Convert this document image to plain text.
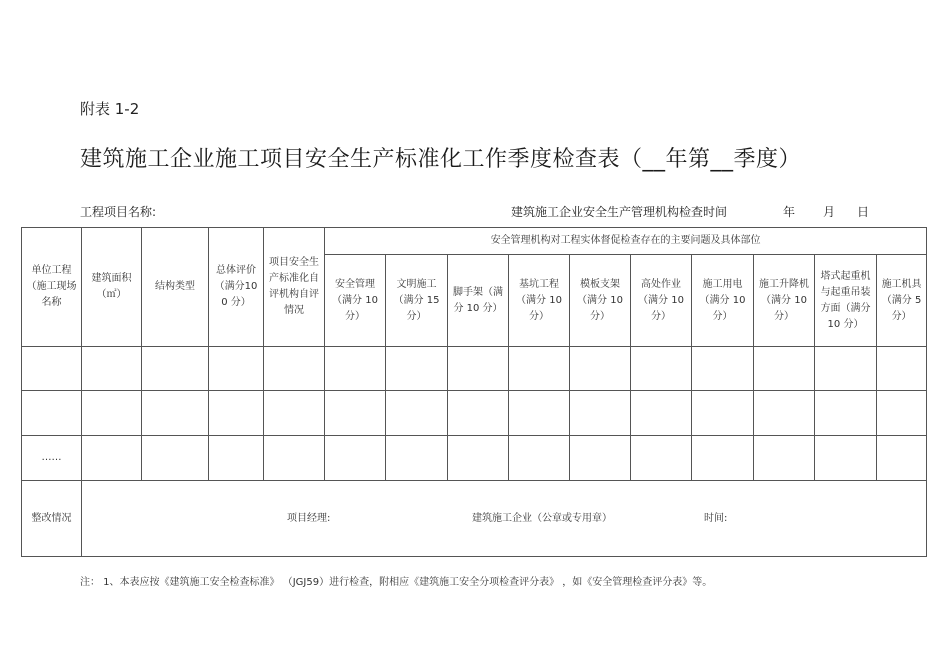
附表 1-2
建筑施工企业施工项目安全生产标准化工作季度检查表（__年第__季度）
工程项目名称:	建筑施工企业安全生产管理机构检查时间	年 月 日
单位工程（施工现场名称	建筑面积（㎡）	结构类型	总体评价（满分100 分）	项目安全生产标准化自评机构自评情况	安全管理机构对工程实体督促检查存在的主要问题及具体部位									
					安全管理（满分 10 分）	文明施工（满分 15 分）	脚手架（满分 10 分）	基坑工程（满分 10 分）	模板支架（满分 10 分）	高处作业（满分 10 分）	施工用电（满分 10 分）	施工升降机（满分 10 分）	塔式起重机与起重吊装方面（满分 10 分）	施工机具（满分 5 分）

……														
整改情况	项目经理: 建筑施工企业（公章或专用章） 时间:													
注： 1、本表应按《建筑施工安全检查标准》 （JGJ59）进行检查，附相应《建筑施工安全分项检查评分表》 ，如《安全管理检查评分表》等。
